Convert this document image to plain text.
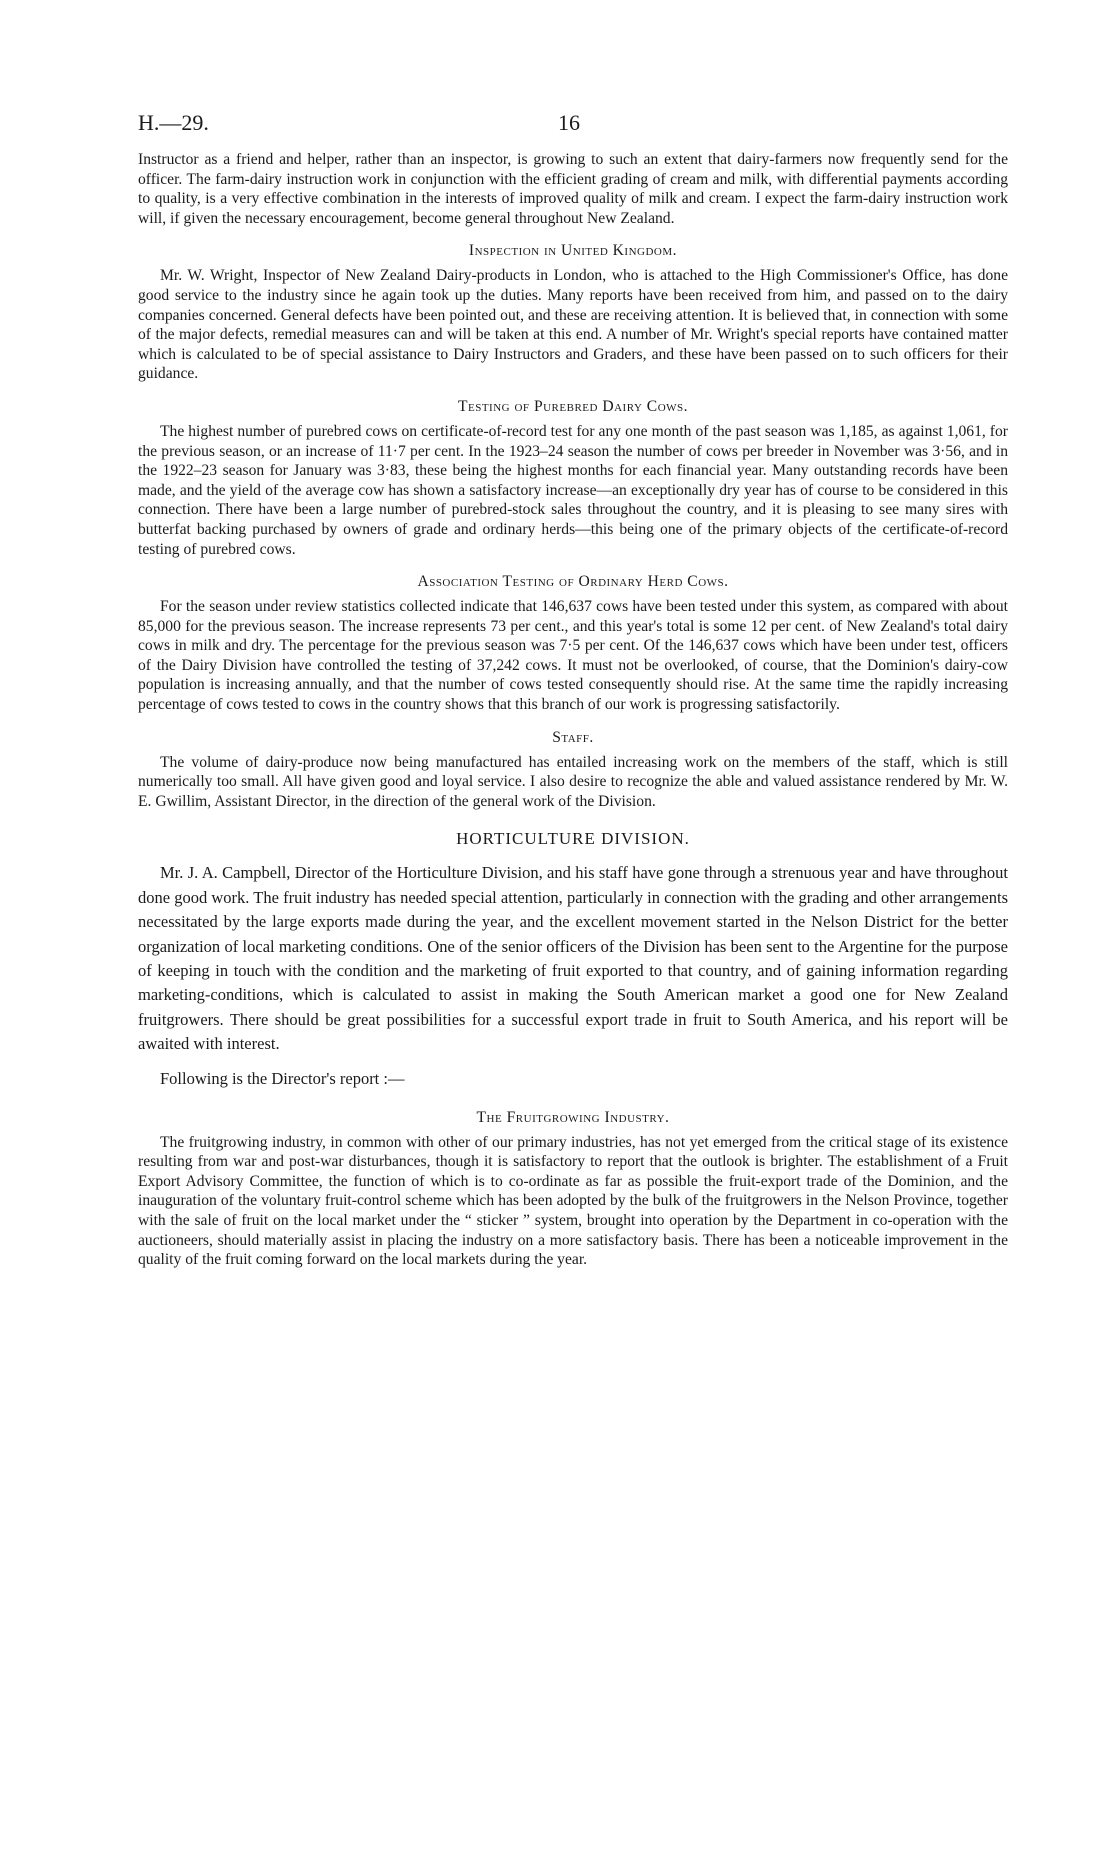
H.—29.	16

Instructor as a friend and helper, rather than an inspector, is growing to such an extent that dairy-farmers now frequently send for the officer. The farm-dairy instruction work in conjunction with the efficient grading of cream and milk, with differential payments according to quality, is a very effective combination in the interests of improved quality of milk and cream. I expect the farm-dairy instruction work will, if given the necessary encouragement, become general throughout New Zealand.

Inspection in United Kingdom.

Mr. W. Wright, Inspector of New Zealand Dairy-products in London, who is attached to the High Commissioner's Office, has done good service to the industry since he again took up the duties. Many reports have been received from him, and passed on to the dairy companies concerned. General defects have been pointed out, and these are receiving attention. It is believed that, in connection with some of the major defects, remedial measures can and will be taken at this end. A number of Mr. Wright's special reports have contained matter which is calculated to be of special assistance to Dairy Instructors and Graders, and these have been passed on to such officers for their guidance.

Testing of Purebred Dairy Cows.

The highest number of purebred cows on certificate-of-record test for any one month of the past season was 1,185, as against 1,061, for the previous season, or an increase of 11·7 per cent. In the 1923–24 season the number of cows per breeder in November was 3·56, and in the 1922–23 season for January was 3·83, these being the highest months for each financial year. Many outstanding records have been made, and the yield of the average cow has shown a satisfactory increase—an exceptionally dry year has of course to be considered in this connection. There have been a large number of purebred-stock sales throughout the country, and it is pleasing to see many sires with butterfat backing purchased by owners of grade and ordinary herds—this being one of the primary objects of the certificate-of-record testing of purebred cows.

Association Testing of Ordinary Herd Cows.

For the season under review statistics collected indicate that 146,637 cows have been tested under this system, as compared with about 85,000 for the previous season. The increase represents 73 per cent., and this year's total is some 12 per cent. of New Zealand's total dairy cows in milk and dry. The percentage for the previous season was 7·5 per cent. Of the 146,637 cows which have been under test, officers of the Dairy Division have controlled the testing of 37,242 cows. It must not be overlooked, of course, that the Dominion's dairy-cow population is increasing annually, and that the number of cows tested consequently should rise. At the same time the rapidly increasing percentage of cows tested to cows in the country shows that this branch of our work is progressing satisfactorily.

Staff.

The volume of dairy-produce now being manufactured has entailed increasing work on the members of the staff, which is still numerically too small. All have given good and loyal service. I also desire to recognize the able and valued assistance rendered by Mr. W. E. Gwillim, Assistant Director, in the direction of the general work of the Division.

HORTICULTURE DIVISION.

Mr. J. A. Campbell, Director of the Horticulture Division, and his staff have gone through a strenuous year and have throughout done good work. The fruit industry has needed special attention, particularly in connection with the grading and other arrangements necessitated by the large exports made during the year, and the excellent movement started in the Nelson District for the better organization of local marketing conditions. One of the senior officers of the Division has been sent to the Argentine for the purpose of keeping in touch with the condition and the marketing of fruit exported to that country, and of gaining information regarding marketing-conditions, which is calculated to assist in making the South American market a good one for New Zealand fruitgrowers. There should be great possibilities for a successful export trade in fruit to South America, and his report will be awaited with interest.

Following is the Director's report :—

The Fruitgrowing Industry.

The fruitgrowing industry, in common with other of our primary industries, has not yet emerged from the critical stage of its existence resulting from war and post-war disturbances, though it is satisfactory to report that the outlook is brighter. The establishment of a Fruit Export Advisory Committee, the function of which is to co-ordinate as far as possible the fruit-export trade of the Dominion, and the inauguration of the voluntary fruit-control scheme which has been adopted by the bulk of the fruitgrowers in the Nelson Province, together with the sale of fruit on the local market under the “ sticker ” system, brought into operation by the Department in co-operation with the auctioneers, should materially assist in placing the industry on a more satisfactory basis. There has been a noticeable improvement in the quality of the fruit coming forward on the local markets during the year.
